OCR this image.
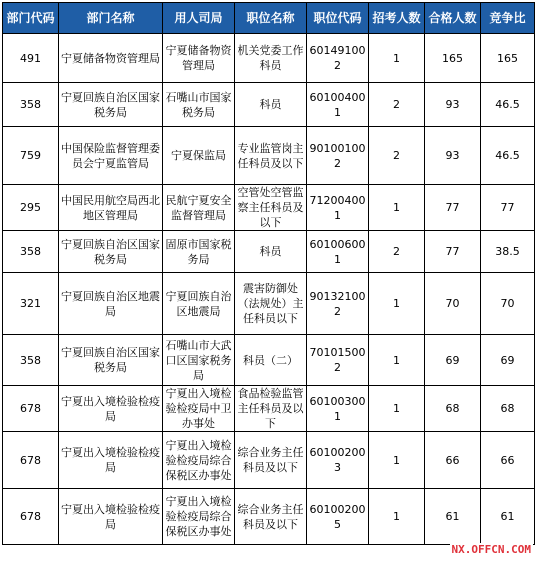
部门代码	部门名称	用人司局	职位名称	职位代码	招考人数	合格人数	竞争比
491	宁夏储备物资管理局	宁夏储备物资管理局	机关党委工作科员	601491002	1	165	165
358	宁夏回族自治区国家税务局	石嘴山市国家税务局	科员	601004001	2	93	46.5
759	中国保险监督管理委员会宁夏监管局	宁夏保监局	专业监管岗主任科员及以下	901001002	2	93	46.5
295	中国民用航空局西北地区管理局	民航宁夏安全监督管理局	空管处空管监察主任科员及以下	712004001	1	77	77
358	宁夏回族自治区国家税务局	固原市国家税务局	科员	601006001	2	77	38.5
321	宁夏回族自治区地震局	宁夏回族自治区地震局	震害防御处（法规处）主任科员以下	901321002	1	70	70
358	宁夏回族自治区国家税务局	石嘴山市大武口区国家税务局	科员（二）	701015002	1	69	69
678	宁夏出入境检验检疫局	宁夏出入境检验检疫局中卫办事处	食品检验监管主任科员及以下	601003001	1	68	68
678	宁夏出入境检验检疫局	宁夏出入境检验检疫局综合保税区办事处	综合业务主任科员及以下	601002003	1	66	66
678	宁夏出入境检验检疫局	宁夏出入境检验检疫局综合保税区办事处	综合业务主任科员及以下	601002005	1	61	61
NX.OFFCN.COM
